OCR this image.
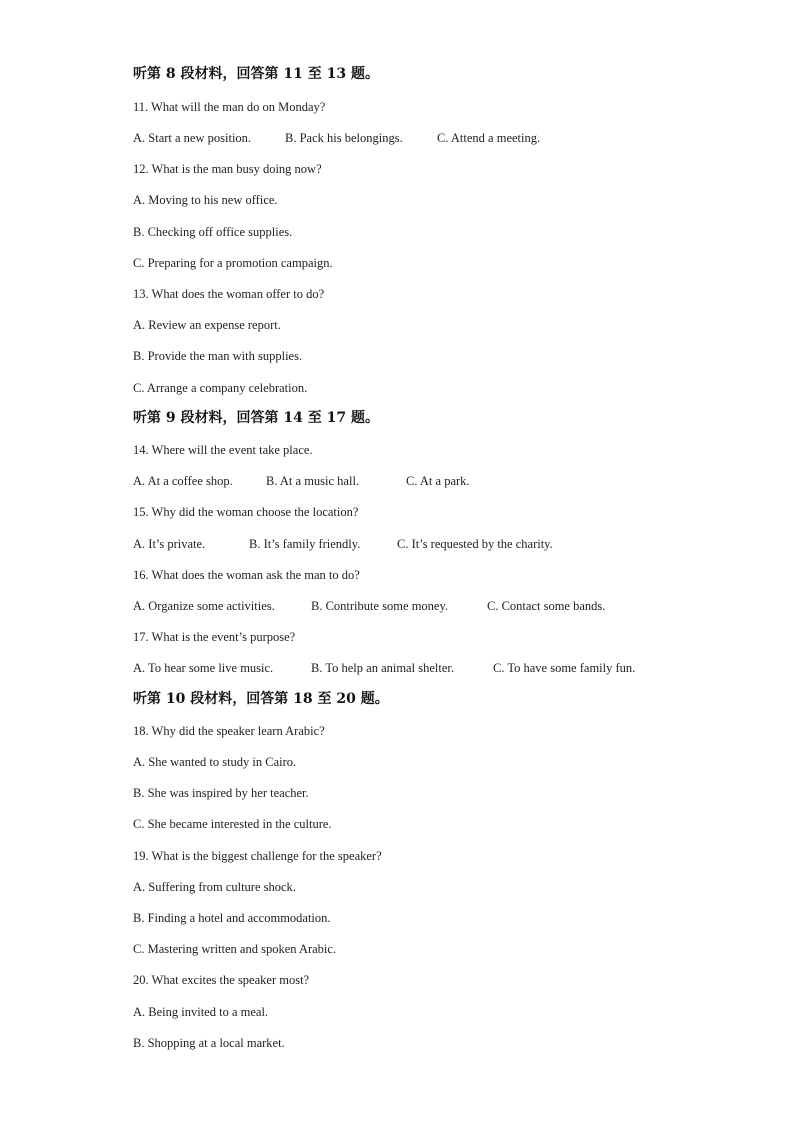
听第 8 段材料，回答第 11 至 13 题。
11. What will the man do on Monday?
A. Start a new position.	B. Pack his belongings.	C. Attend a meeting.
12. What is the man busy doing now?
A. Moving to his new office.
B. Checking off office supplies.
C. Preparing for a promotion campaign.
13. What does the woman offer to do?
A. Review an expense report.
B. Provide the man with supplies.
C. Arrange a company celebration.
听第 9 段材料，回答第 14 至 17 题。
14. Where will the event take place.
A. At a coffee shop.	B. At a music hall.	C. At a park.
15. Why did the woman choose the location?
A. It’s private.	B. It’s family friendly.	C. It’s requested by the charity.
16. What does the woman ask the man to do?
A. Organize some activities.	B. Contribute some money.	C. Contact some bands.
17. What is the event’s purpose?
A. To hear some live music.	B. To help an animal shelter.	C. To have some family fun.
听第 10 段材料，回答第 18 至 20 题。
18. Why did the speaker learn Arabic?
A. She wanted to study in Cairo.
B. She was inspired by her teacher.
C. She became interested in the culture.
19. What is the biggest challenge for the speaker?
A. Suffering from culture shock.
B. Finding a hotel and accommodation.
C. Mastering written and spoken Arabic.
20. What excites the speaker most?
A. Being invited to a meal.
B. Shopping at a local market.
